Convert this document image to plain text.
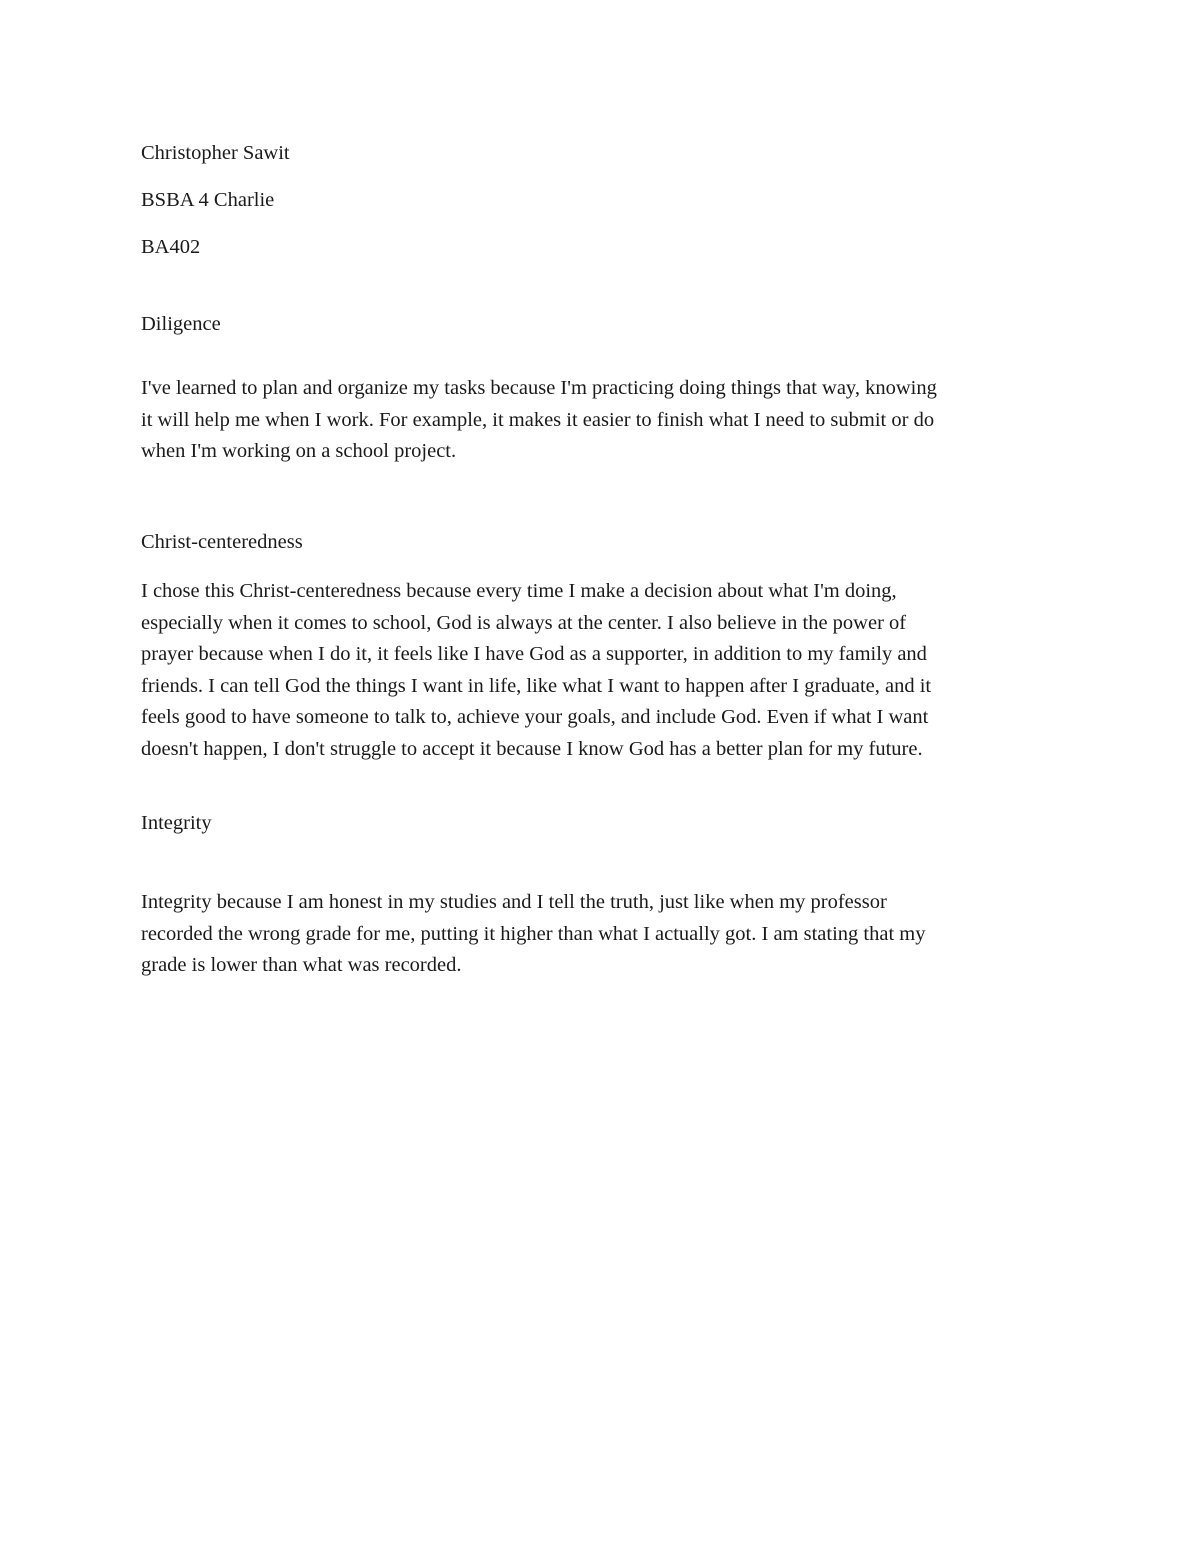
Christopher Sawit

BSBA 4 Charlie

BA402

Diligence

I've learned to plan and organize my tasks because I'm practicing doing things that way, knowing
it will help me when I work. For example, it makes it easier to finish what I need to submit or do
when I'm working on a school project.

Christ-centeredness

I chose this Christ-centeredness because every time I make a decision about what I'm doing,
especially when it comes to school, God is always at the center. I also believe in the power of
prayer because when I do it, it feels like I have God as a supporter, in addition to my family and
friends. I can tell God the things I want in life, like what I want to happen after I graduate, and it
feels good to have someone to talk to, achieve your goals, and include God. Even if what I want
doesn't happen, I don't struggle to accept it because I know God has a better plan for my future.

Integrity

Integrity because I am honest in my studies and I tell the truth, just like when my professor
recorded the wrong grade for me, putting it higher than what I actually got. I am stating that my
grade is lower than what was recorded.
